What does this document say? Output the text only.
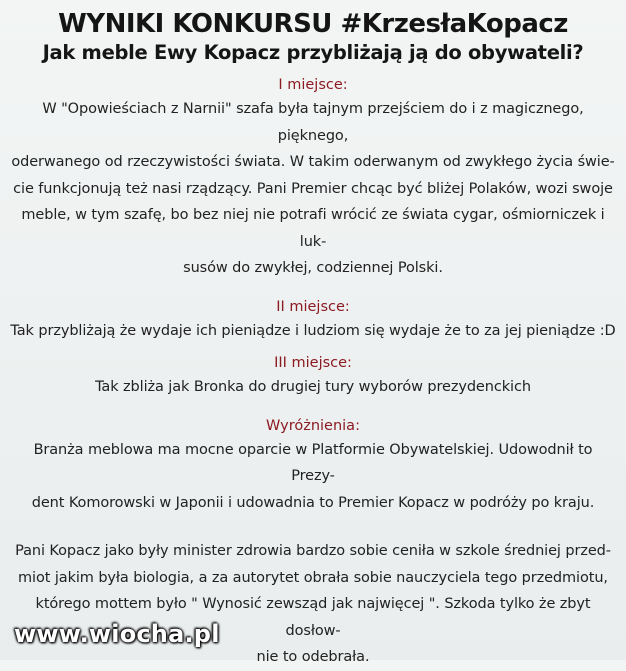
WYNIKI KONKURSU #KrzesłaKopacz
Jak meble Ewy Kopacz przybliżają ją do obywateli?

I miejsce:

W "Opowieściach z Narnii" szafa była tajnym przejściem do i z magicznego, pięknego,

oderwanego od rzeczywistości świata. W takim oderwanym od zwykłego życia świe-

cie funkcjonują też nasi rządzący. Pani Premier chcąc być bliżej Polaków, wozi swoje

meble, w tym szafę, bo bez niej nie potrafi wrócić ze świata cygar, ośmiorniczek i luk-

susów do zwykłej, codziennej Polski.

II miejsce:

Tak przybliżają że wydaje ich pieniądze i ludziom się wydaje że to za jej pieniądze :D

III miejsce:

Tak zbliża jak Bronka do drugiej tury wyborów prezydenckich

Wyróżnienia:

Branża meblowa ma mocne oparcie w Platformie Obywatelskiej. Udowodnił to Prezy-

dent Komorowski w Japonii i udowadnia to Premier Kopacz w podróży po kraju.

Pani Kopacz jako były minister zdrowia bardzo sobie ceniła w szkole średniej przed-

miot jakim była biologia, a za autorytet obrała sobie nauczyciela tego przedmiotu,

którego mottem było " Wynosić zewsząd jak najwięcej ". Szkoda tylko że zbyt dosłow-

nie to odebrała.

www.wiocha.pl
